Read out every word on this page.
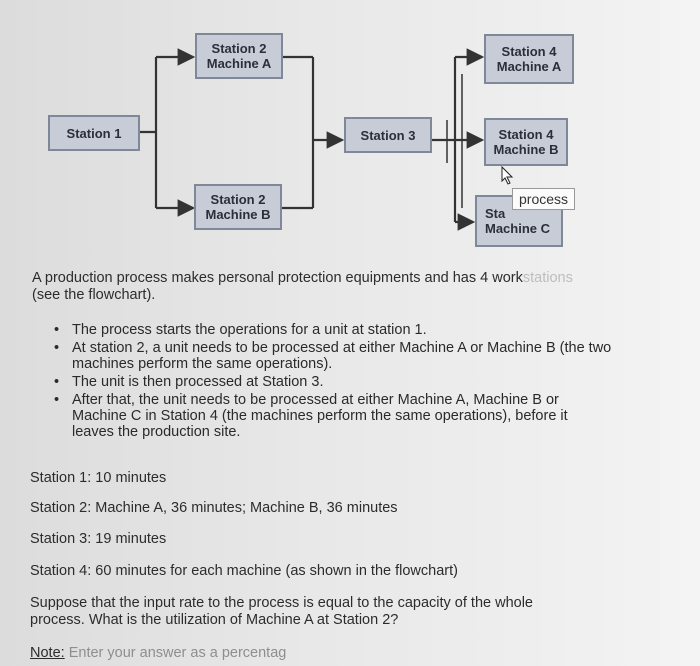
Station 1
Station 2
Machine A
Station 2
Machine B
Station 3
Station 4
Machine A
Station 4
Machine B
Sta
Machine C
process
A production process makes personal protection equipments and has 4 workstations
(see the flowchart).
• The process starts the operations for a unit at station 1.
• At station 2, a unit needs to be processed at either Machine A or Machine B (the two machines perform the same operations).
• The unit is then processed at Station 3.
• After that, the unit needs to be processed at either Machine A, Machine B or Machine C in Station 4 (the machines perform the same operations), before it leaves the production site.
Station 1: 10 minutes
Station 2: Machine A, 36 minutes; Machine B, 36 minutes
Station 3: 19 minutes
Station 4: 60 minutes for each machine (as shown in the flowchart)
Suppose that the input rate to the process is equal to the capacity of the whole process. What is the utilization of Machine A at Station 2?
Note: Enter your answer as a percentag
